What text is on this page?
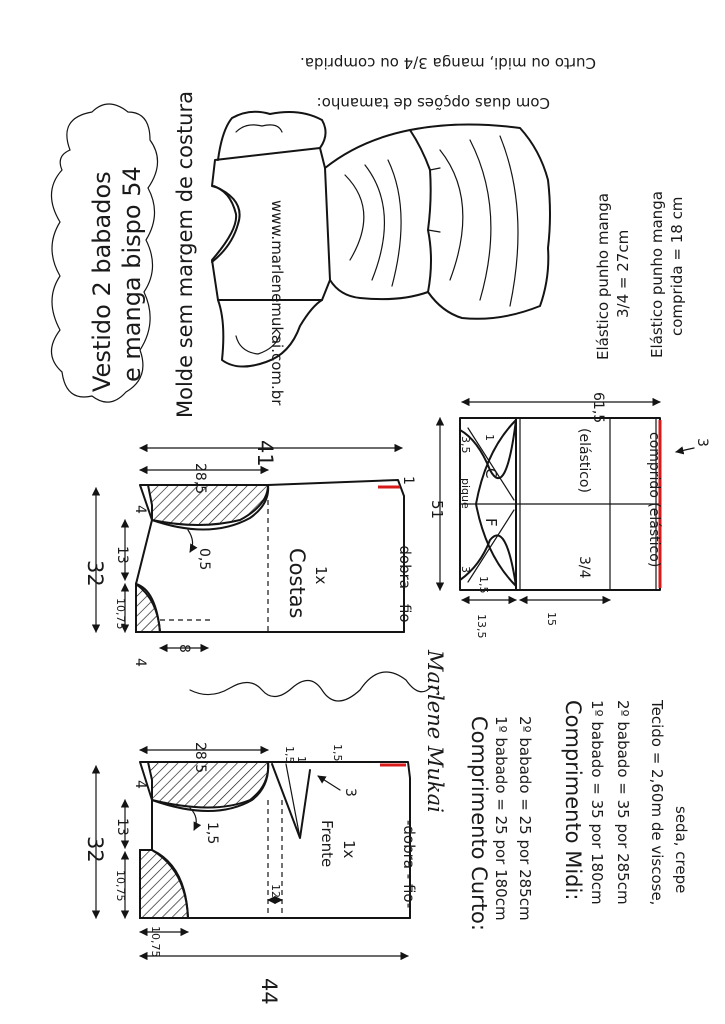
Vestido 2 babados e manga bispo 54 Molde sem margem de costura	www.marlenemukai.com.br
Com duas opções de tamanho:
Curto ou midi, manga 3/4 ou comprida.
Elástico punho manga 3/4 = 27cm Elástico punho manga comprida = 18 cm
41
28,5
32
13
10,75
4
4
8
0,5
1
Costas 1x	-dobra - fio-
28,5
32
13
10,75
4
10,75
44
1,5
1,5	1,5
3
1
12
Frente 1x	-dobra - fio-
61,5
51
13,5	15
3,5 1
3
1,5
C
F
pique
(elástico)
3/4	comprido (elástico) 3
Marlene Mukai Comprimento Curto: 1º babado = 25 por 180cm 2º babado = 25 por 285cm Comprimento Midi: 1º babado = 35 por 180cm 2º babado = 35 por 285cm Tecido = 2,60m de viscose, seda, crepe
